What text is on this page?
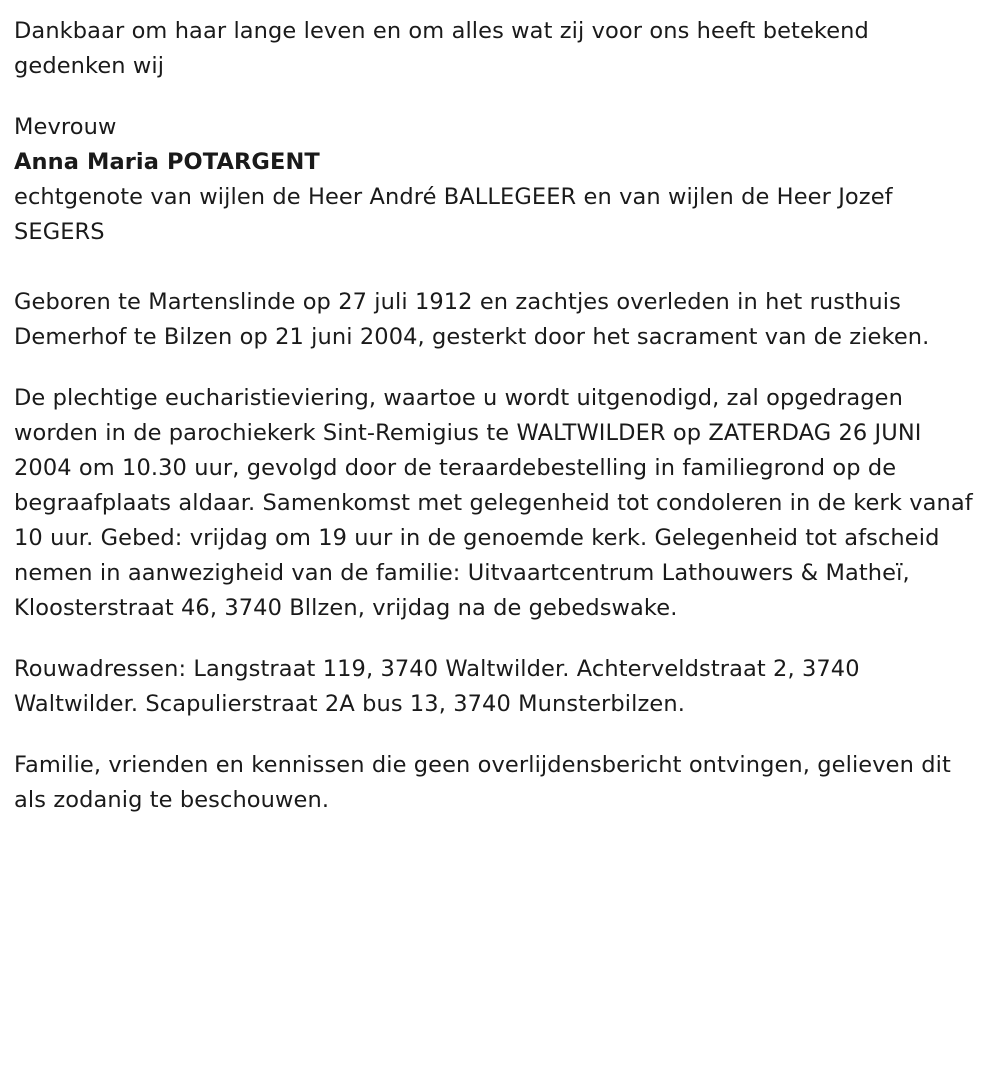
Dankbaar om haar lange leven en om alles wat zij voor ons heeft betekend gedenken wij

Mevrouw

Anna Maria POTARGENT

echtgenote van wijlen de Heer André BALLEGEER en van wijlen de Heer Jozef SEGERS

Geboren te Martenslinde op 27 juli 1912 en zachtjes overleden in het rusthuis Demerhof te Bilzen op 21 juni 2004, gesterkt door het sacrament van de zieken.

De plechtige eucharistieviering, waartoe u wordt uitgenodigd, zal opgedragen worden in de parochiekerk Sint-Remigius te WALTWILDER op ZATERDAG 26 JUNI 2004 om 10.30 uur, gevolgd door de teraardebestelling in familiegrond op de begraafplaats aldaar. Samenkomst met gelegenheid tot condoleren in de kerk vanaf 10 uur. Gebed: vrijdag om 19 uur in de genoemde kerk. Gelegenheid tot afscheid nemen in aanwezigheid van de familie: Uitvaartcentrum Lathouwers & Matheï, Kloosterstraat 46, 3740 Bllzen, vrijdag na de gebedswake.

Rouwadressen: Langstraat 119, 3740 Waltwilder. Achterveldstraat 2, 3740 Waltwilder. Scapulierstraat 2A bus 13, 3740 Munsterbilzen.

Familie, vrienden en kennissen die geen overlijdensbericht ontvingen, gelieven dit als zodanig te beschouwen.
